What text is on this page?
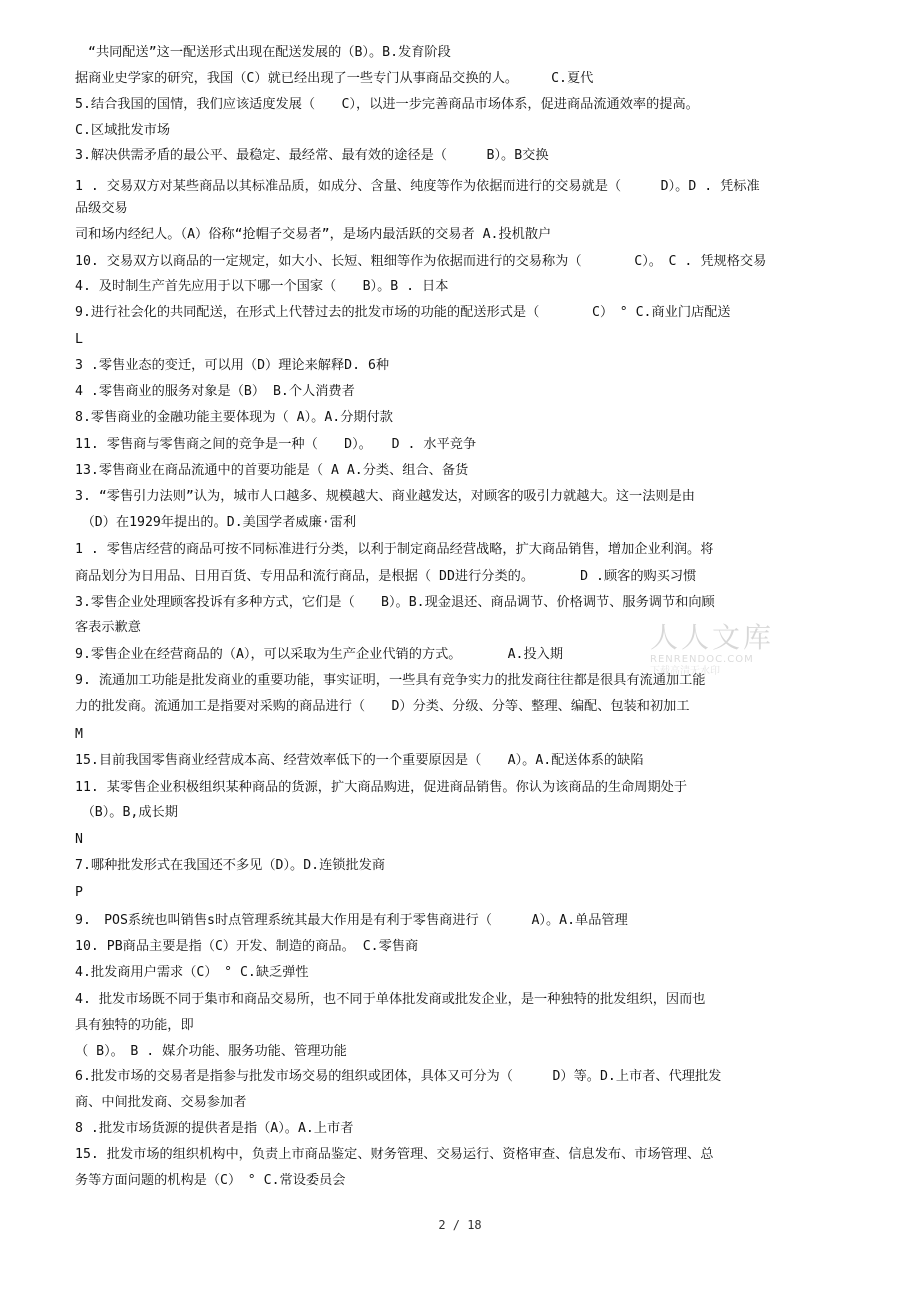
“共同配送”这一配送形式出现在配送发展的（B）。B.发育阶段
据商业史学家的研究，我国（C）就已经出现了一些专门从事商品交换的人。　　　C.夏代
5.结合我国的国情，我们应该适度发展（　　C），以进一步完善商品市场体系，促进商品流通效率的提高。
C.区域批发市场
3.解决供需矛盾的最公平、最稳定、最经常、最有效的途径是（　　　B）。B交换
1 . 交易双方对某些商品以其标准品质，如成分、含量、纯度等作为依据而进行的交易就是（　　　D）。D . 凭标准
品级交易
司和场内经纪人。（A）俗称“抢帽子交易者”，是场内最活跃的交易者 A.投机散户
10. 交易双方以商品的一定规定，如大小、长短、粗细等作为依据而进行的交易称为（　　　　C）。　C . 凭规格交易
4. 及时制生产首先应用于以下哪一个国家（　　B）。B . 日本
9.进行社会化的共同配送，在形式上代替过去的批发市场的功能的配送形式是（　　　　C）　° C.商业门店配送
L
3 .零售业态的变迁，可以用（D）理论来解释D. 6种
4 .零售商业的服务对象是（B） B.个人消费者
8.零售商业的金融功能主要体现为（ A）。A.分期付款
11. 零售商与零售商之间的竞争是一种（　　D）。　　D . 水平竞争
13.零售商业在商品流通中的首要功能是（ A A.分类、组合、备货
3. “零售引力法则”认为，城市人口越多、规模越大、商业越发达，对顾客的吸引力就越大。这一法则是由
　（D）在1929年提出的。D.美国学者威廉·雷利
1 . 零售店经营的商品可按不同标准进行分类，以利于制定商品经营战略，扩大商品销售，增加企业利润。将
商品划分为日用品、日用百货、专用品和流行商品，是根据（ DD进行分类的。　　　　D .顾客的购买习惯
3.零售企业处理顾客投诉有多种方式，它们是（　　B）。B.现金退还、商品调节、价格调节、服务调节和向顾
客表示歉意
9.零售企业在经营商品的（A），可以采取为生产企业代销的方式。　　　　A.投入期
9. 流通加工功能是批发商业的重要功能，事实证明，一些具有竞争实力的批发商往往都是很具有流通加工能
力的批发商。流通加工是指要对采购的商品进行（　　D）分类、分级、分等、整理、编配、包装和初加工
M
15.目前我国零售商业经营成本高、经营效率低下的一个重要原因是（　　A）。A.配送体系的缺陷
11. 某零售企业积极组织某种商品的货源，扩大商品购进，促进商品销售。你认为该商品的生命周期处于
　（B）。B,成长期
N
7.哪种批发形式在我国还不多见（D）。D.连锁批发商
P
9.　POS系统也叫销售s时点管理系统其最大作用是有利于零售商进行（　　　A）。A.单品管理
10. PB商品主要是指（C）开发、制造的商品。 C.零售商
4.批发商用户需求（C）　° C.缺乏弹性
4. 批发市场既不同于集市和商品交易所，也不同于单体批发商或批发企业，是一种独特的批发组织，因而也
具有独特的功能，即
（ B）。　B . 媒介功能、服务功能、管理功能
6.批发市场的交易者是指参与批发市场交易的组织或团体，具体又可分为（　　　D）等。D.上市者、代理批发
商、中间批发商、交易参加者
8 .批发市场货源的提供者是指（A）。A.上市者
15. 批发市场的组织机构中，负责上市商品鉴定、财务管理、交易运行、资格审查、信息发布、市场管理、总
务等方面问题的机构是（C）　° C.常设委员会
人人文库
RENRENDOC.COM
下载高清无水印
2 / 18
